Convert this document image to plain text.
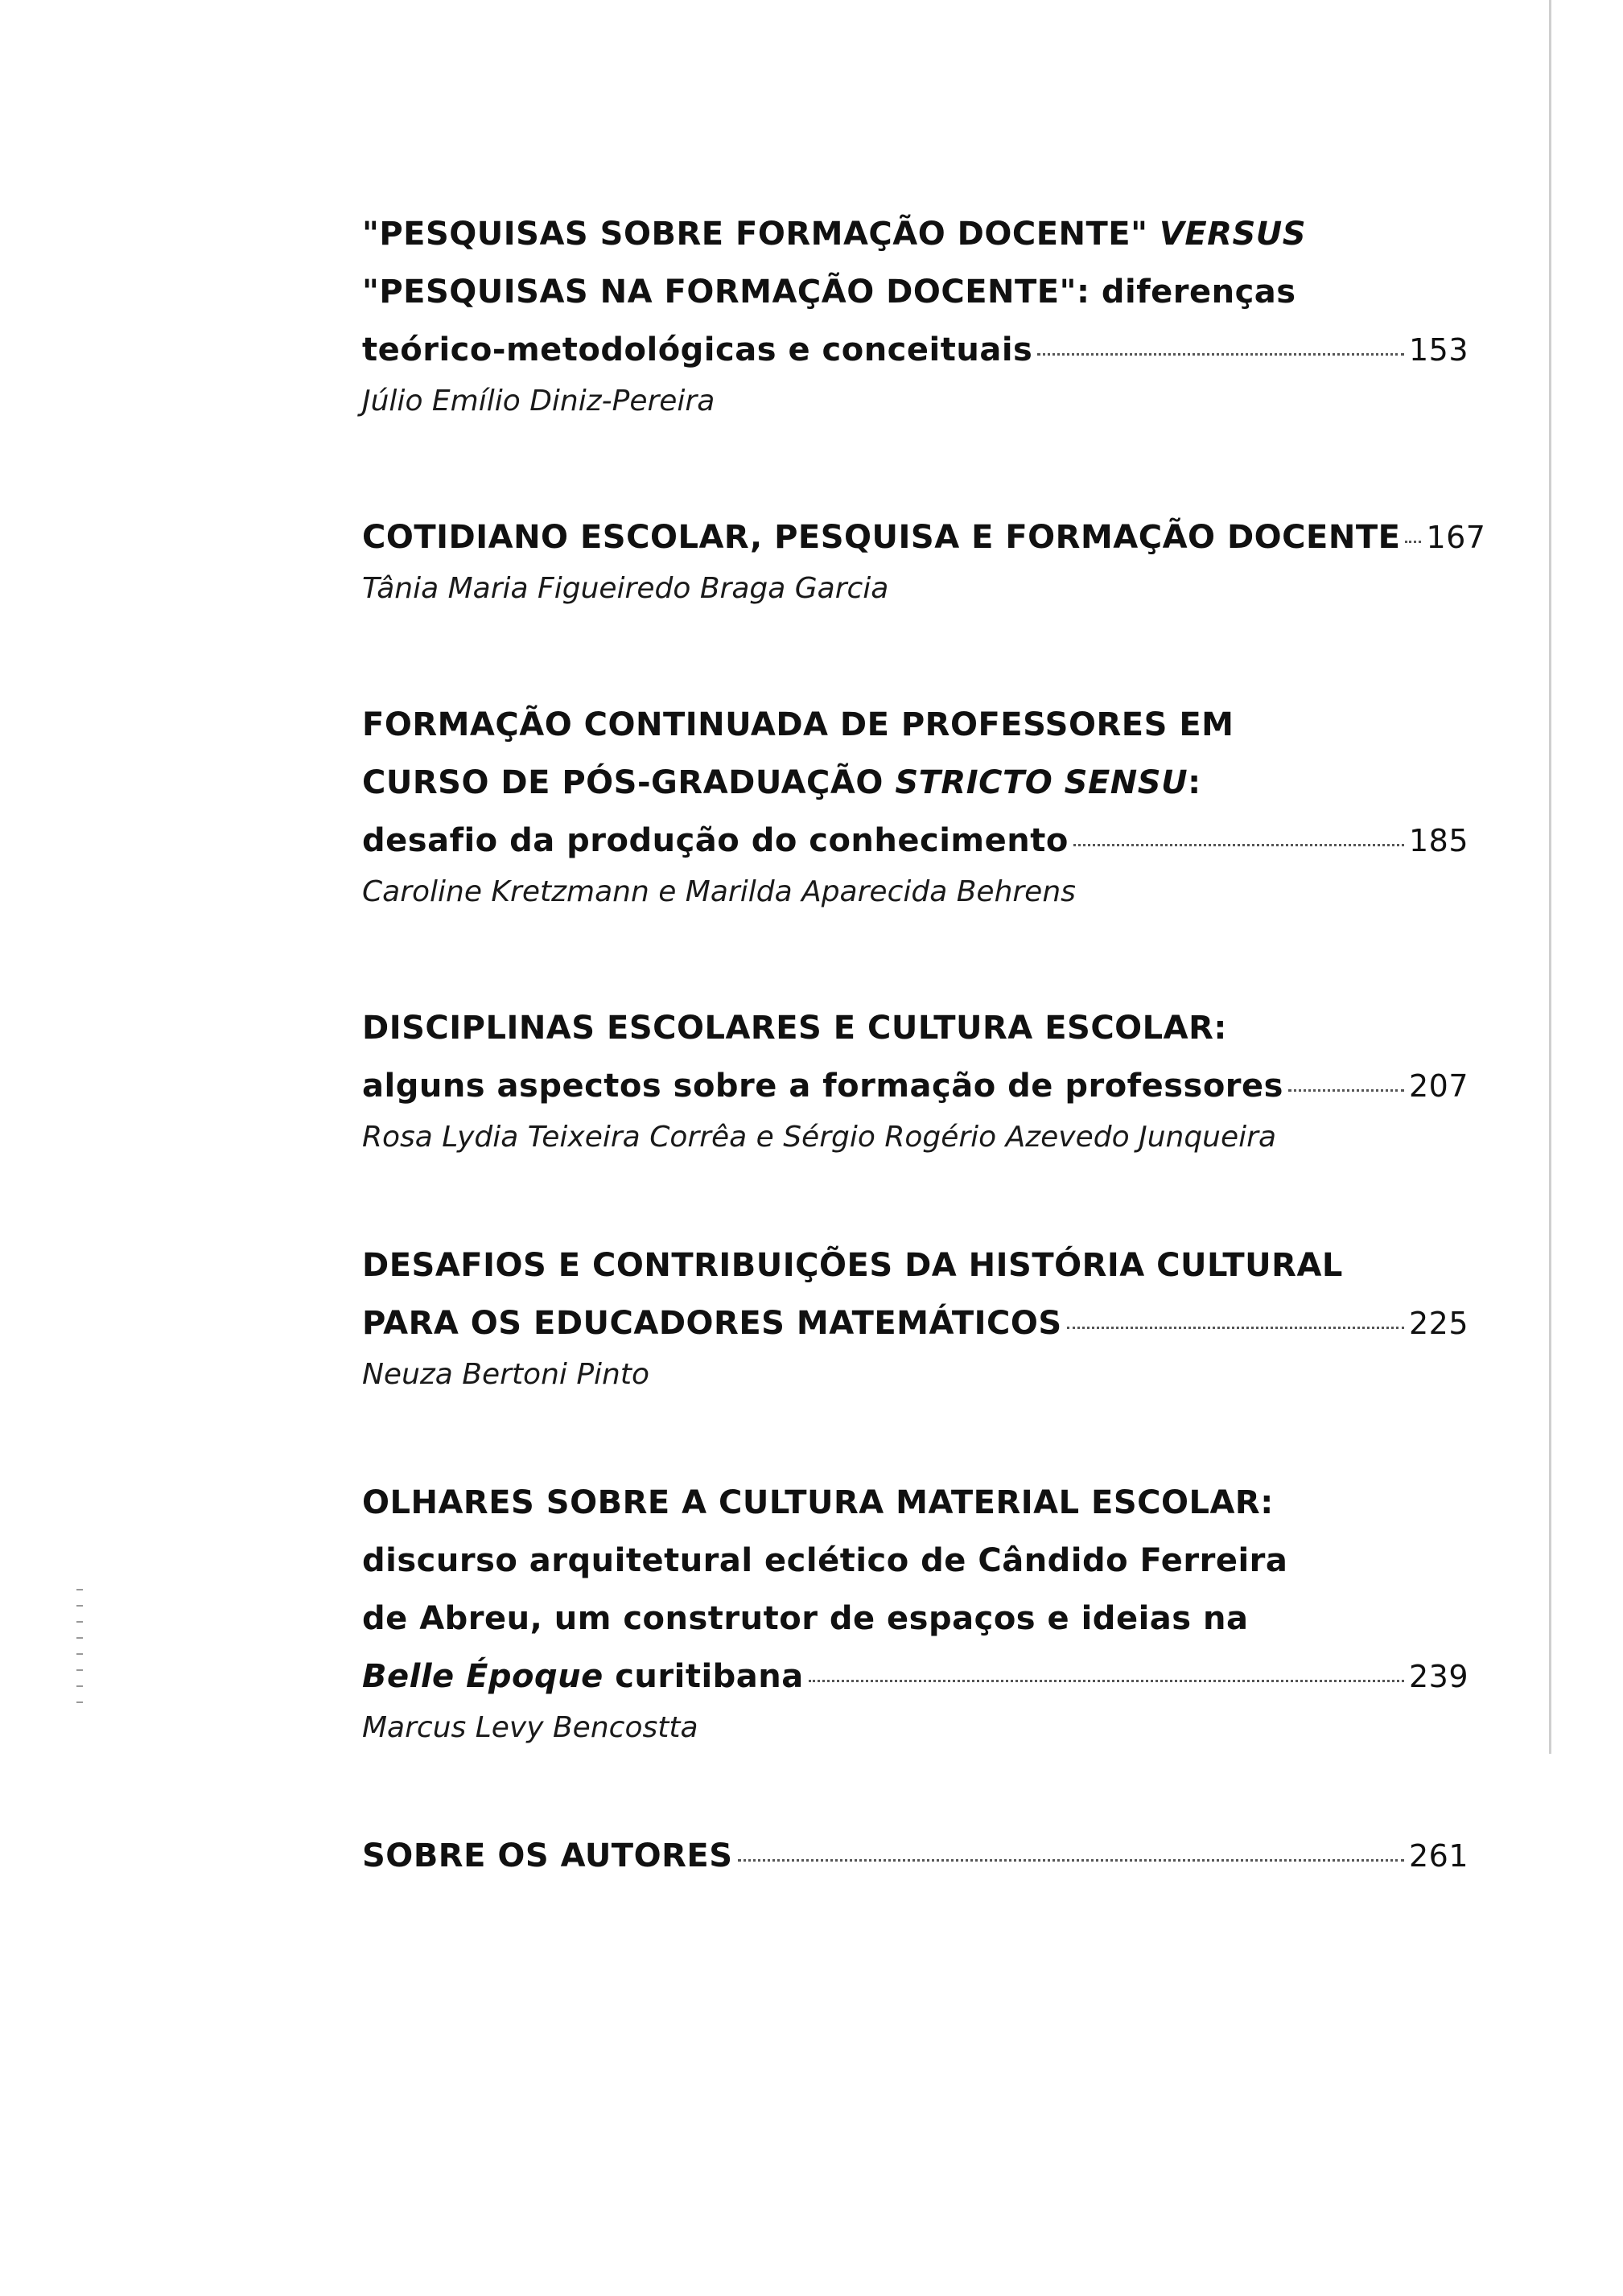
"PESQUISAS SOBRE FORMAÇÃO DOCENTE" VERSUS
"PESQUISAS NA FORMAÇÃO DOCENTE": diferenças
teórico-metodológicas e conceituais	153
Júlio Emílio Diniz-Pereira
COTIDIANO ESCOLAR, PESQUISA E FORMAÇÃO DOCENTE 167
Tânia Maria Figueiredo Braga Garcia
FORMAÇÃO CONTINUADA DE PROFESSORES EM
CURSO DE PÓS-GRADUAÇÃO STRICTO SENSU:
desafio da produção do conhecimento	185
Caroline Kretzmann e Marilda Aparecida Behrens
DISCIPLINAS ESCOLARES E CULTURA ESCOLAR:
alguns aspectos sobre a formação de professores	207
Rosa Lydia Teixeira Corrêa e Sérgio Rogério Azevedo Junqueira
DESAFIOS E CONTRIBUIÇÕES DA HISTÓRIA CULTURAL
PARA OS EDUCADORES MATEMÁTICOS	225
Neuza Bertoni Pinto
OLHARES SOBRE A CULTURA MATERIAL ESCOLAR:
discurso arquitetural eclético de Cândido Ferreira
de Abreu, um construtor de espaços e ideias na
Belle Époque curitibana	239
Marcus Levy Bencostta
SOBRE OS AUTORES	261
